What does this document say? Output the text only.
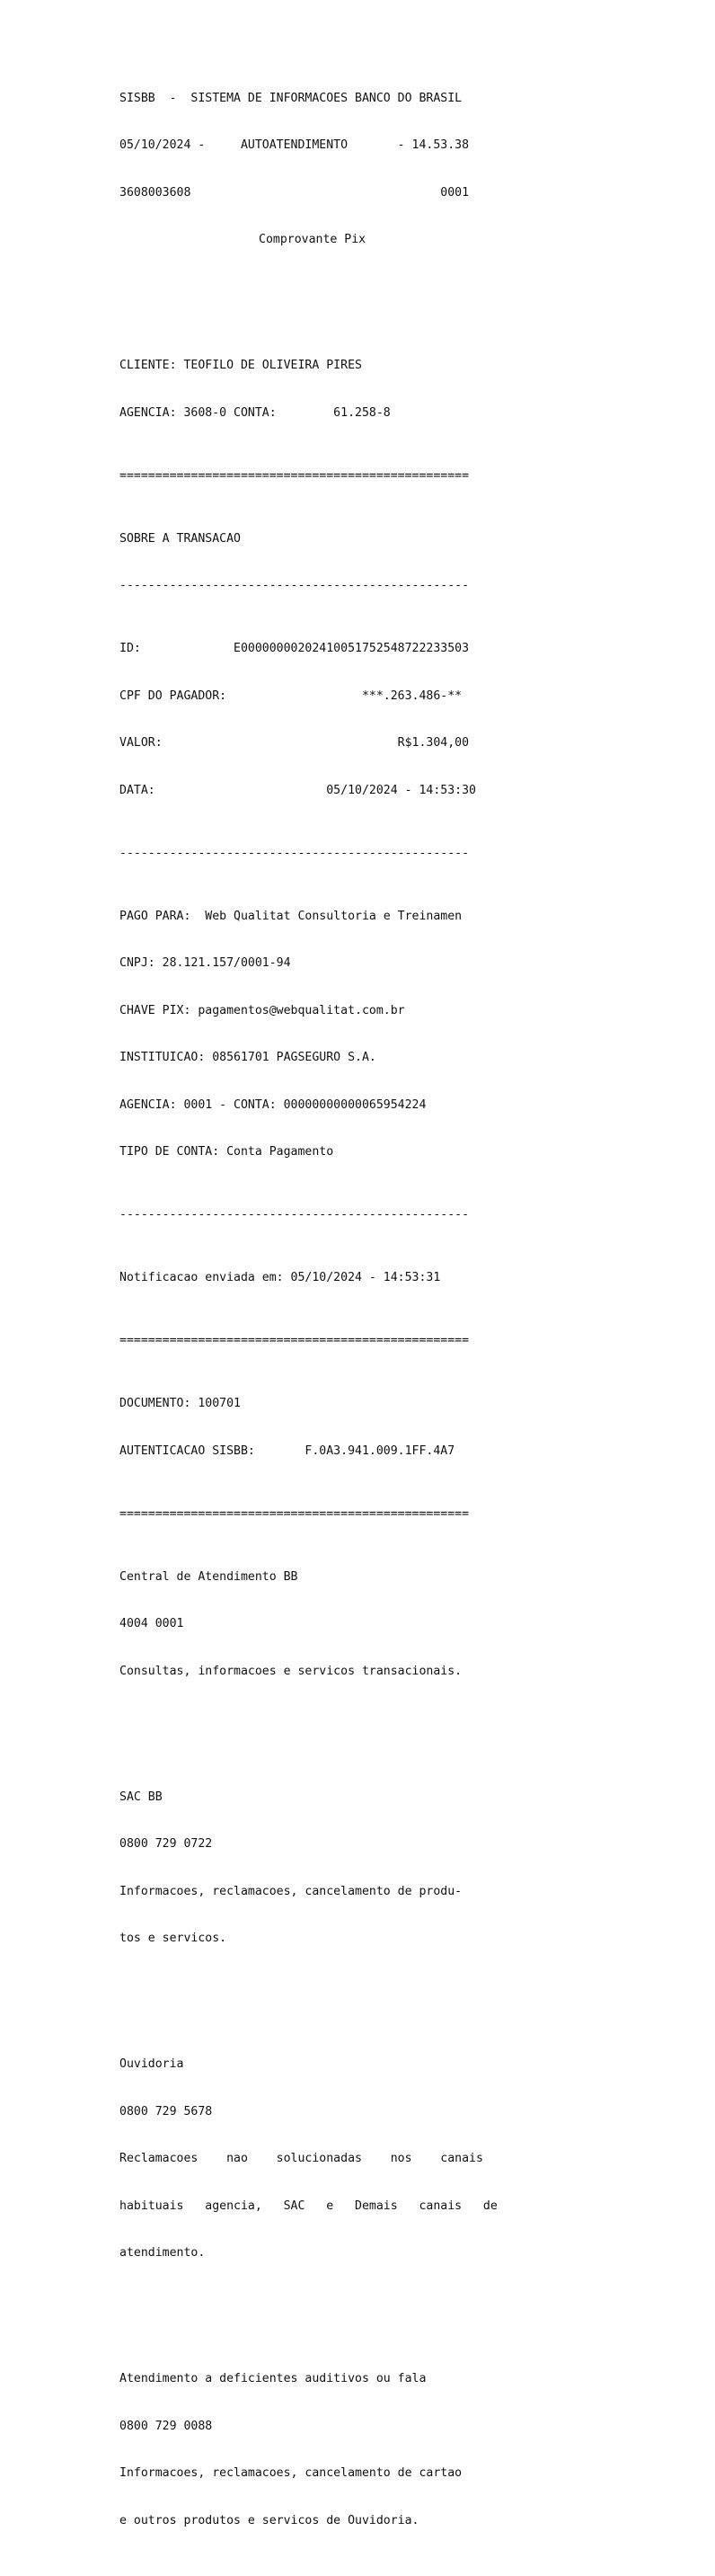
SISBB  -  SISTEMA DE INFORMACOES BANCO DO BRASIL

05/10/2024 -     AUTOATENDIMENTO       - 14.53.38

3608003608                                   0001

Comprovante Pix

CLIENTE: TEOFILO DE OLIVEIRA PIRES

AGENCIA: 3608-0 CONTA:        61.258-8

=================================================

SOBRE A TRANSACAO

-------------------------------------------------

ID:             E00000000202410051752548722233503

CPF DO PAGADOR:                   ***.263.486-**

VALOR:                                 R$1.304,00

DATA:                        05/10/2024 - 14:53:30

-------------------------------------------------

PAGO PARA:  Web Qualitat Consultoria e Treinamen

CNPJ: 28.121.157/0001-94

CHAVE PIX: pagamentos@webqualitat.com.br

INSTITUICAO: 08561701 PAGSEGURO S.A.

AGENCIA: 0001 - CONTA: 00000000000065954224

TIPO DE CONTA: Conta Pagamento

-------------------------------------------------

Notificacao enviada em: 05/10/2024 - 14:53:31

=================================================

DOCUMENTO: 100701

AUTENTICACAO SISBB:       F.0A3.941.009.1FF.4A7

=================================================

Central de Atendimento BB

4004 0001

Consultas, informacoes e servicos transacionais.

SAC BB

0800 729 0722

Informacoes, reclamacoes, cancelamento de produ-

tos e servicos.

Ouvidoria

0800 729 5678

Reclamacoes    nao    solucionadas    nos    canais

habituais   agencia,   SAC   e   Demais   canais   de

atendimento.

Atendimento a deficientes auditivos ou fala

0800 729 0088

Informacoes, reclamacoes, cancelamento de cartao

e outros produtos e servicos de Ouvidoria.
